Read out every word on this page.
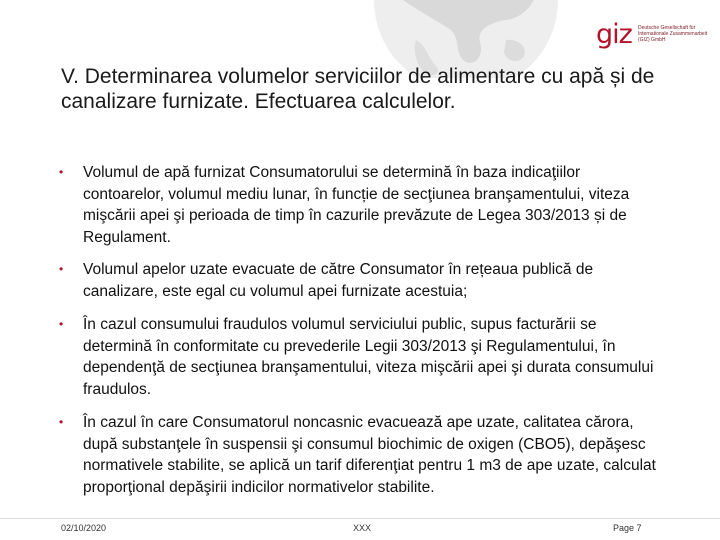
giz Deutsche Gesellschaft für Internationale Zusammenarbeit (GIZ) GmbH
V. Determinarea volumelor serviciilor de alimentare cu apă și de canalizare furnizate. Efectuarea calculelor.
• Volumul de apă furnizat Consumatorului se determină în baza indicaţiilor contoarelor, volumul mediu lunar, în funcție de secţiunea branşamentului, viteza mişcării apei şi perioada de timp în cazurile prevăzute de Legea 303/2013 și de Regulament.
• Volumul apelor uzate evacuate de către Consumator în rețeaua publică de canalizare, este egal cu volumul apei furnizate acestuia;
• În cazul consumului fraudulos volumul serviciului public, supus facturării se determină în conformitate cu prevederile Legii 303/2013 şi Regulamentului, în dependenţă de secţiunea branşamentului, viteza mişcării apei şi durata consumului fraudulos.
• În cazul în care Consumatorul noncasnic evacuează ape uzate, calitatea cărora, după substanţele în suspensii şi consumul biochimic de oxigen (CBO5), depăşesc normativele stabilite, se aplică un tarif diferenţiat pentru 1 m3 de ape uzate, calculat proporţional depăşirii indicilor normativelor stabilite.
02/10/2020	XXX	Page 7
